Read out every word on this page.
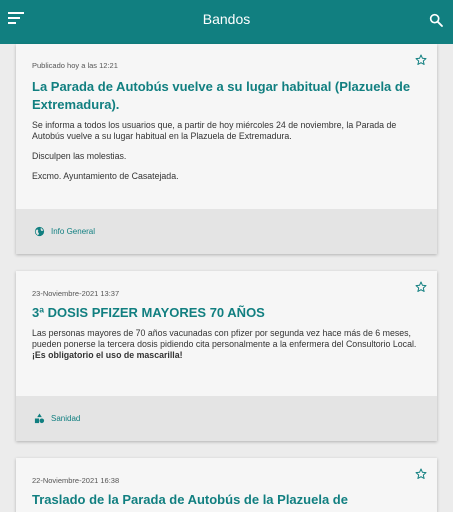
Bandos
Publicado hoy a las 12:21
La Parada de Autobús vuelve a su lugar habitual (Plazuela de Extremadura).

Se informa a todos los usuarios que, a partir de hoy miércoles 24 de noviembre, la Parada de Autobús vuelve a su lugar habitual en la Plazuela de Extremadura.

Disculpen las molestias.

Excmo. Ayuntamiento de Casatejada.

Info General
23-Noviembre-2021 13:37
3ª DOSIS PFIZER MAYORES 70 AÑOS
Las personas mayores de 70 años vacunadas con pfizer por segunda vez hace más de 6 meses, pueden ponerse la tercera dosis pidiendo cita personalmente a la enfermera del Consultorio Local.
¡Es obligatorio el uso de mascarilla!
Sanidad
22-Noviembre-2021 16:38
Traslado de la Parada de Autobús de la Plazuela de
